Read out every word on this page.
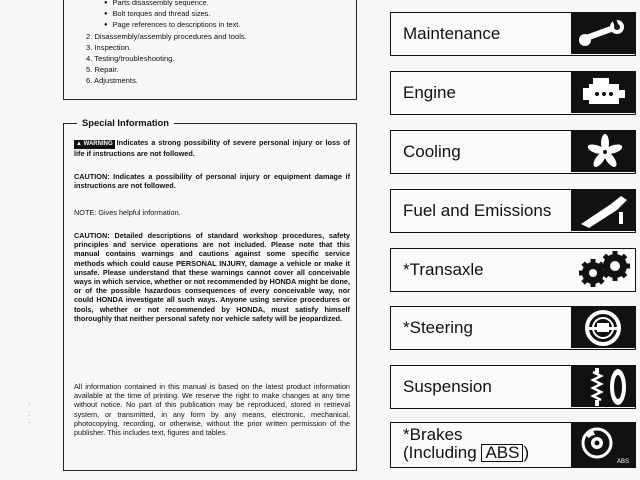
● Parts disassembly sequence.
● Bolt torques and thread sizes.
● Page references to descriptions in text.
2. Disassembly/assembly procedures and tools.
3. Inspection.
4. Testing/troubleshooting.
5. Repair.
6. Adjustments.
Special Information

▲ WARNING Indicates a strong possibility of severe personal injury or loss of life if instructions are not followed.

CAUTION: Indicates a possibility of personal injury or equipment damage if instructions are not followed.

NOTE: Gives helpful information.

CAUTION: Detailed descriptions of standard workshop procedures, safety principles and service operations are not included. Please note that this manual contains warnings and cautions against some specific service methods which could cause PERSONAL INJURY, damage a vehicle or make it unsafe. Please understand that these warnings cannot cover all conceivable ways in which service, whether or not recommended by HONDA might be done, or of the possible hazardous consequences of every conceivable way, nor could HONDA investigate all such ways. Anyone using service procedures or tools, whether or not recommended by HONDA, must satisfy himself thoroughly that neither personal safety nor vehicle safety will be jeopardized.

All information contained in this manual is based on the latest product information available at the time of printing. We reserve the right to make changes at any time without notice. No part of this publication may be reproduced, stored in retrieval system, or transmitted, in any form by any means, electronic, mechanical, photocopying, recording, or otherwise, without the prior written permission of the publisher. This includes text, figures and tables.

·
:
·
Maintenance
Engine
Cooling
Fuel and Emissions
*Transaxle
*Steering
Suspension
*Brakes
(Including ABS )	ABS
